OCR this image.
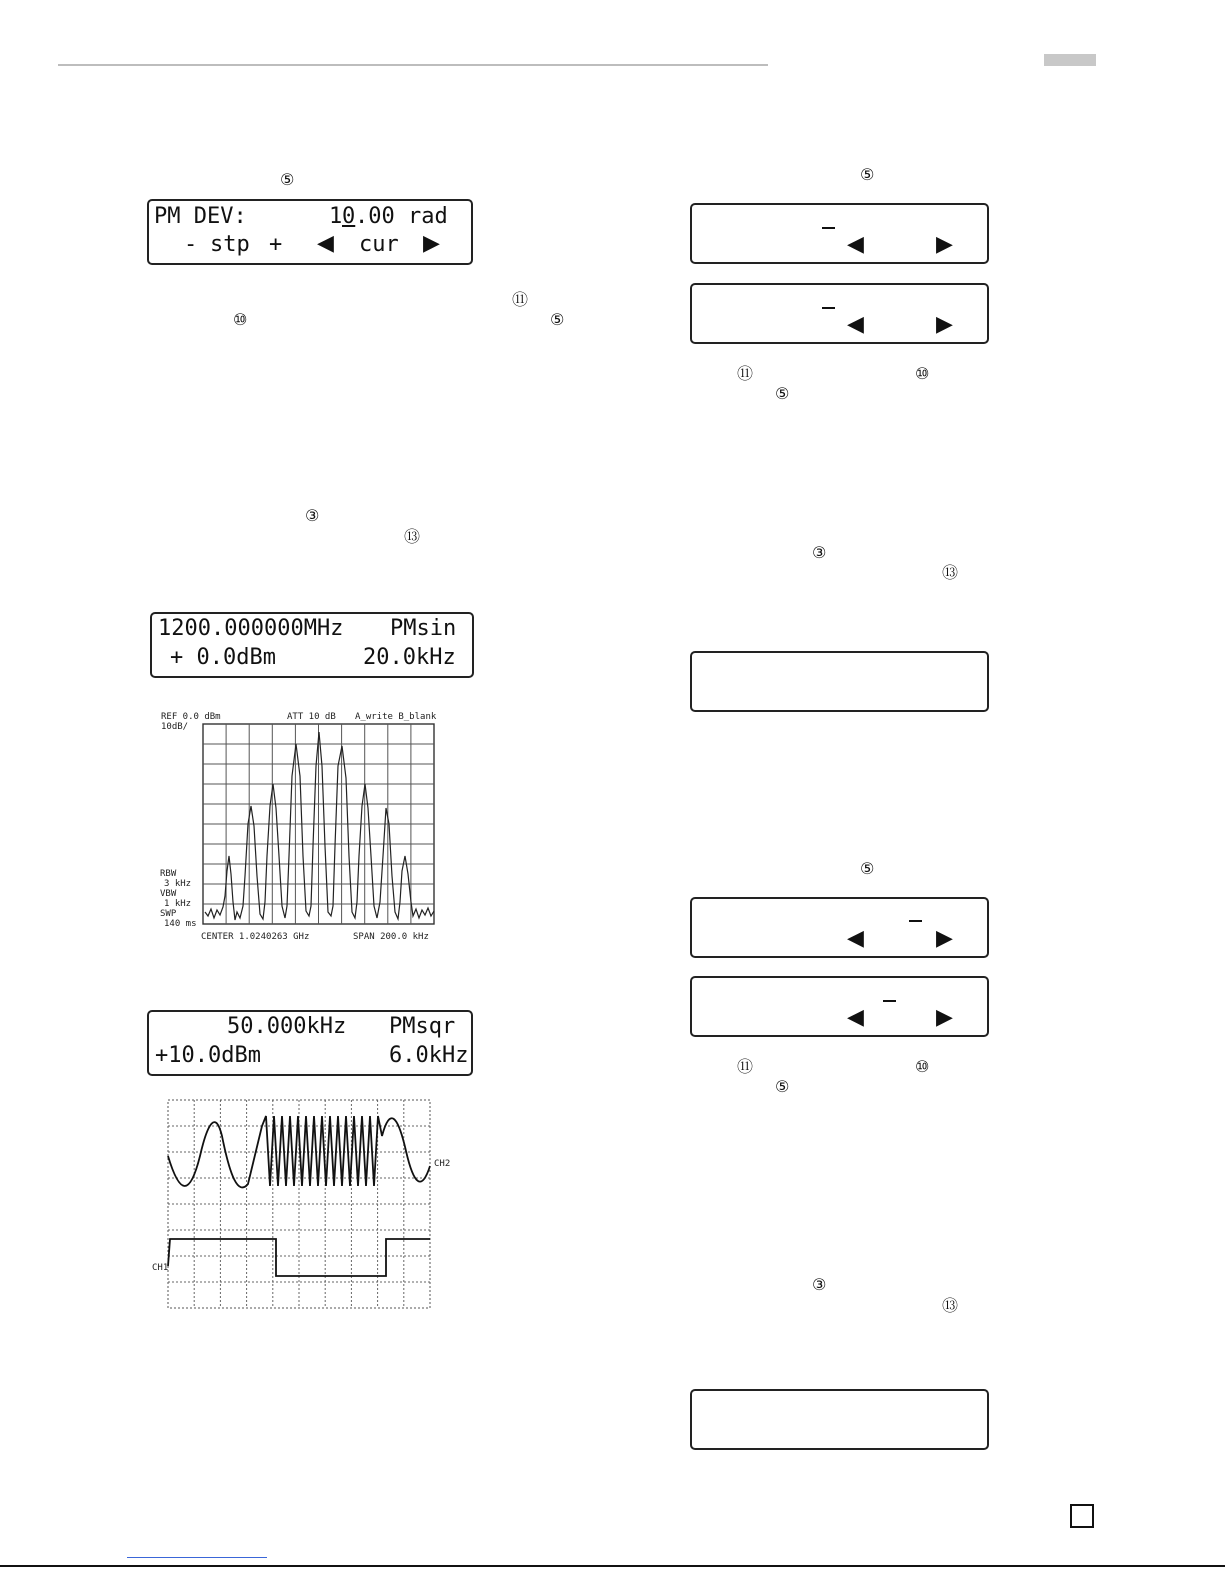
⑤
PM DEV:	1 0 .00 rad
- stp + ◀ cur ▶
⑪
⑩	⑤
③
⑬
1200.000000MHz PMsin
+ 0.0dBm	20.0kHz
REF 0.0 dBm
10dB/
ATT 10 dB A_write B_blank
RBW
3 kHz
VBW
1 kHz
SWP
140 ms
CENTER 1.0240263 GHz	SPAN 200.0 kHz
50.000kHz PMsqr
+10.0dBm	6.0kHz
CH2
CH1
⑤
◀	▶
◀	▶
⑪	⑩
⑤
③
⑬
⑤
◀	▶
◀	▶
⑪	⑩
⑤
③
⑬
